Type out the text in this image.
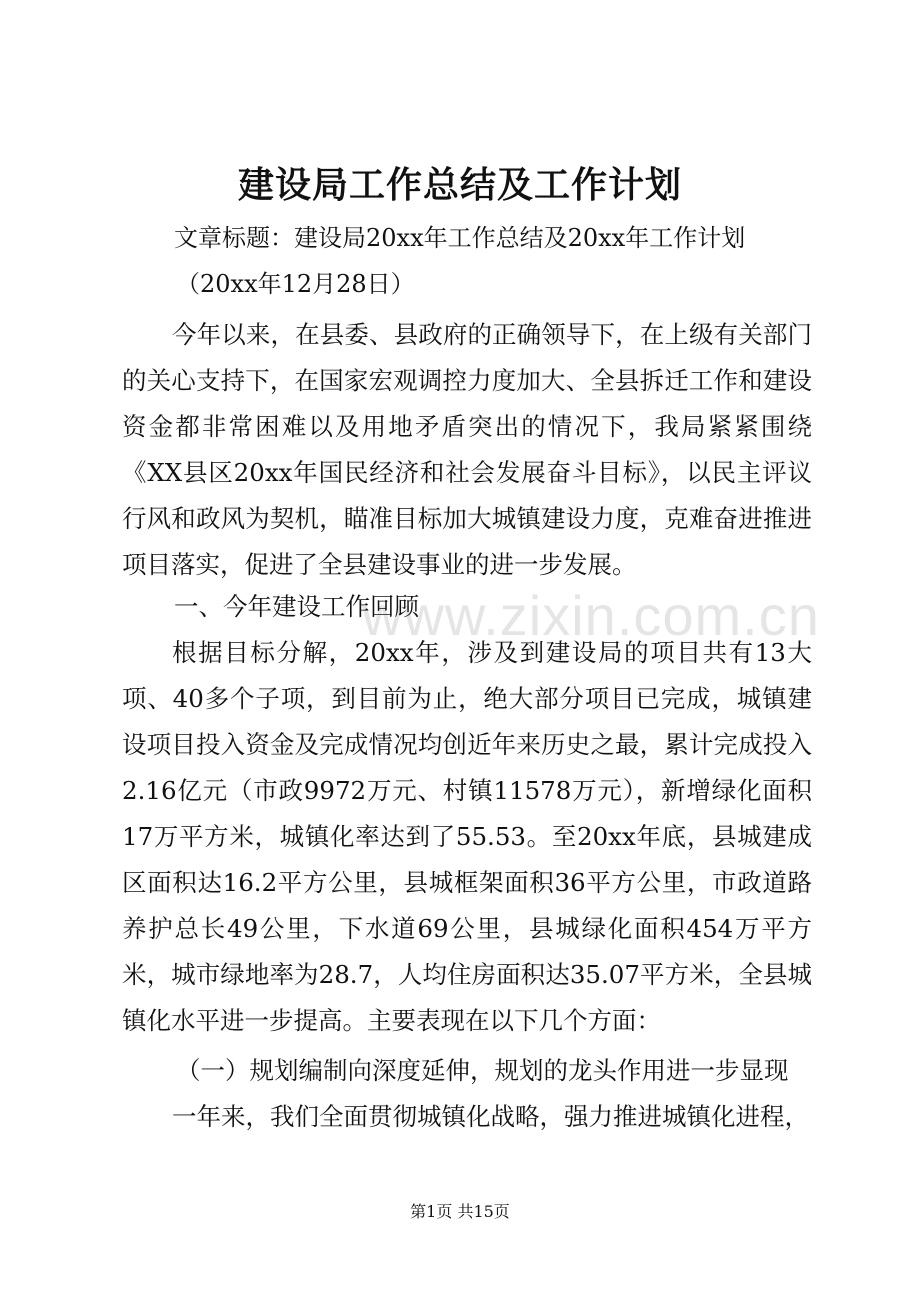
www.zixin.com.cn
建设局工作总结及工作计划
文章标题：建设局20xx年工作总结及20xx年工作计划
（20xx年12月28日）

今年以来，在县委、县政府的正确领导下，在上级有关部门的关心支持下，在国家宏观调控力度加大、全县拆迁工作和建设资金都非常困难以及用地矛盾突出的情况下，我局紧紧围绕《XX县区20xx年国民经济和社会发展奋斗目标》，以民主评议行风和政风为契机，瞄准目标加大城镇建设力度，克难奋进推进项目落实，促进了全县建设事业的进一步发展。

一、今年建设工作回顾

根据目标分解，20xx年，涉及到建设局的项目共有13大项、40多个子项，到目前为止，绝大部分项目已完成，城镇建设项目投入资金及完成情况均创近年来历史之最，累计完成投入2.16亿元（市政9972万元、村镇11578万元），新增绿化面积17万平方米，城镇化率达到了55.53。至20xx年底，县城建成区面积达16.2平方公里，县城框架面积36平方公里，市政道路养护总长49公里，下水道69公里，县城绿化面积454万平方米，城市绿地率为28.7，人均住房面积达35.07平方米，全县城镇化水平进一步提高。主要表现在以下几个方面：

（一）规划编制向深度延伸，规划的龙头作用进一步显现

一年来，我们全面贯彻城镇化战略，强力推进城镇化进程，

第1页 共15页
